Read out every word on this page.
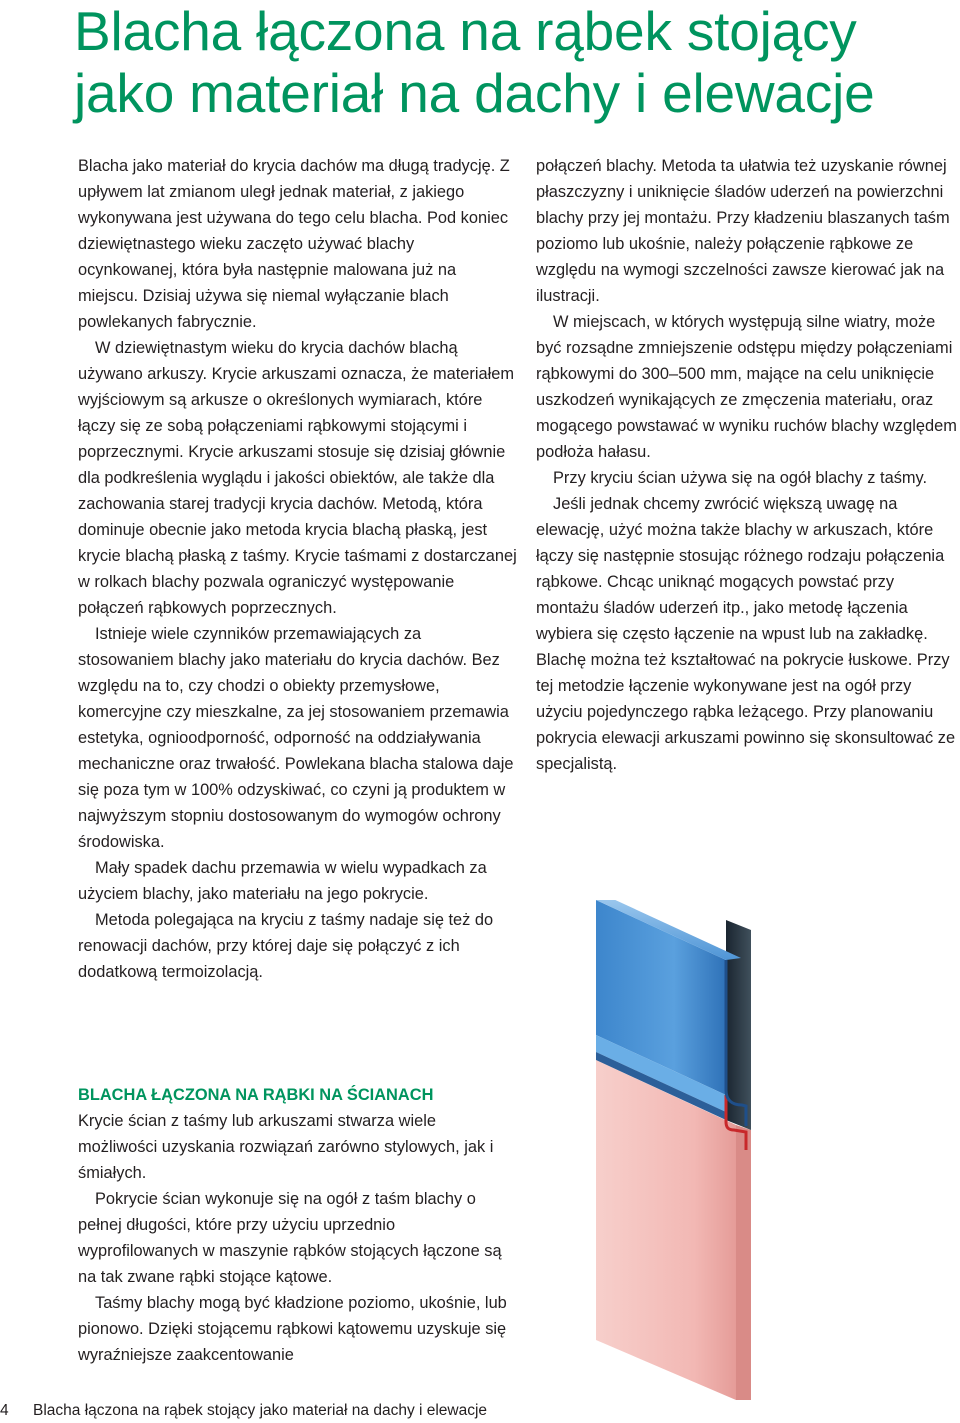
Blacha łączona na rąbek stojący
jako materiał na dachy i elewacje

Blacha jako materiał do krycia dachów ma długą tradycję. Z upływem lat zmianom uległ jednak materiał, z jakiego wykonywana jest używana do tego celu blacha. Pod koniec dziewiętnastego wieku zaczęto używać blachy ocynkowanej, która była następnie malowana już na miejscu. Dzisiaj używa się niemal wyłączanie blach powlekanych fabrycznie.

W dziewiętnastym wieku do krycia dachów blachą używano arkuszy. Krycie arkuszami oznacza, że materiałem wyjściowym są arkusze o określonych wymiarach, które łączy się ze sobą połączeniami rąbkowymi stojącymi i poprzecznymi. Krycie arkuszami stosuje się dzisiaj głównie dla podkreślenia wyglądu i jakości obiektów, ale także dla zachowania starej tradycji krycia dachów. Metodą, która dominuje obecnie jako metoda krycia blachą płaską, jest krycie blachą płaską z taśmy. Krycie taśmami z dostarczanej w rolkach blachy pozwala ograniczyć występowanie połączeń rąbkowych poprzecznych.

Istnieje wiele czynników przemawiających za stosowaniem blachy jako materiału do krycia dachów. Bez względu na to, czy chodzi o obiekty przemysłowe, komercyjne czy mieszkalne, za jej stosowaniem przemawia estetyka, ognioodporność, odporność na oddziaływania mechaniczne oraz trwałość. Powlekana blacha stalowa daje się poza tym w 100% odzyskiwać, co czyni ją produktem w najwyższym stopniu dostosowanym do wymogów ochrony środowiska.

Mały spadek dachu przemawia w wielu wypadkach za użyciem blachy, jako materiału na jego pokrycie.

Metoda polegająca na kryciu z taśmy nadaje się też do renowacji dachów, przy której daje się połączyć z ich dodatkową termoizolacją.

połączeń blachy. Metoda ta ułatwia też uzyskanie równej płaszczyzny i uniknięcie śladów uderzeń na powierzchni blachy przy jej montażu. Przy kładzeniu blaszanych taśm poziomo lub ukośnie, należy połączenie rąbkowe ze względu na wymogi szczelności zawsze kierować jak na ilustracji.

W miejscach, w których występują silne wiatry, może być rozsądne zmniejszenie odstępu między połączeniami rąbkowymi do 300–500 mm, mające na celu uniknięcie uszkodzeń wynikających ze zmęczenia materiału, oraz mogącego powstawać w wyniku ruchów blachy względem podłoża hałasu.

Przy kryciu ścian używa się na ogół blachy z taśmy.

Jeśli jednak chcemy zwrócić większą uwagę na elewację, użyć można także blachy w arkuszach, które łączy się następnie stosując różnego rodzaju połączenia rąbkowe. Chcąc uniknąć mogących powstać przy montażu śladów uderzeń itp., jako metodę łączenia wybiera się często łączenie na wpust lub na zakładkę. Blachę można też kształtować na pokrycie łuskowe. Przy tej metodzie łączenie wykonywane jest na ogół przy użyciu pojedynczego rąbka leżącego. Przy planowaniu pokrycia elewacji arkuszami powinno się skonsultować ze specjalistą.

BLACHA ŁĄCZONA NA RĄBKI NA ŚCIANACH

Krycie ścian z taśmy lub arkuszami stwarza wiele możliwości uzyskania rozwiązań zarówno stylowych, jak i śmiałych.

Pokrycie ścian wykonuje się na ogół z taśm blachy o pełnej długości, które przy użyciu uprzednio wyprofilowanych w maszynie rąbków stojących łączone są na tak zwane rąbki stojące kątowe.

Taśmy blachy mogą być kładzione poziomo, ukośnie, lub pionowo. Dzięki stojącemu rąbkowi kątowemu uzyskuje się wyraźniejsze zaakcentowanie

4 Blacha łączona na rąbek stojący jako materiał na dachy i elewacje
